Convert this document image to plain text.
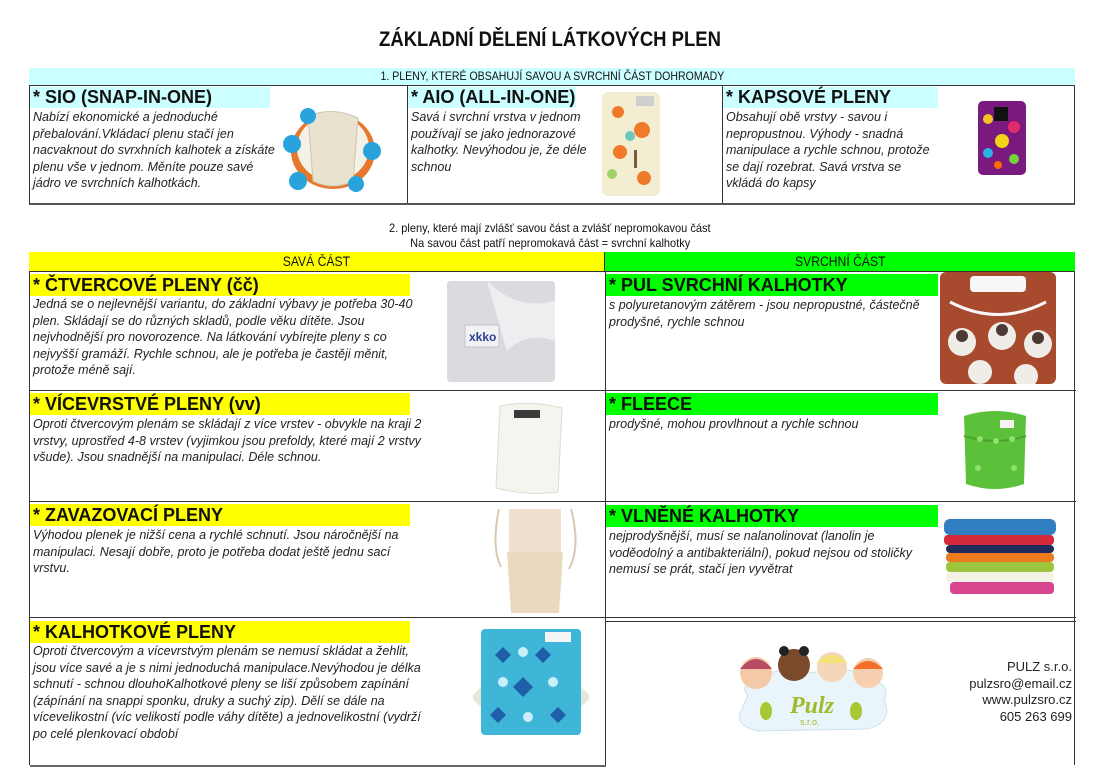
ZÁKLADNÍ DĚLENÍ LÁTKOVÝCH PLEN
1. PLENY, KTERÉ OBSAHUJÍ SAVOU A SVRCHNÍ ČÁST DOHROMADY
* SIO (SNAP-IN-ONE)
Nabízí ekonomické a jednoduché přebalování.Vkládací plenu stačí jen nacvaknout do svrxhních kalhotek a získáte plenu vše v jednom. Měníte pouze savé jádro ve svrchních kalhotkách.
* AIO (ALL-IN-ONE)
Savá i svrchní vrstva v jednom používají se jako jednorazové kalhotky. Nevýhodou je, že déle schnou
* KAPSOVÉ PLENY
Obsahují obě vrstvy - savou i nepropustnou. Výhody - snadná manipulace a rychle schnou, protože se dají rozebrat. Savá vrstva se vkládá do kapsy
2. pleny, které mají zvlášť savou část a zvlášť nepromokavou část
Na savou část patří nepromokavá část = svrchní kalhotky
SAVÁ ČÁST	SVRCHNÍ ČÁST
* ČTVERCOVÉ PLENY (čč)
Jedná se o nejlevnější variantu, do základní výbavy je potřeba 30-40 plen. Skládají se do různých skladů, podle věku dítěte. Jsou nejvhodnější pro novorozence. Na látkování vybírejte pleny s co nejvyšší gramáží. Rychle schnou, ale je potřeba je častěji měnit, protože méně sají.
xkko
* VÍCEVRSTVÉ PLENY (vv)
Oproti čtvercovým plenám se skládají z více vrstev - obvykle na kraji 2 vrstvy, uprostřed 4-8 vrstev (vyjimkou jsou prefoldy, které mají 2 vrstvy všude). Jsou snadnější na manipulaci. Déle schnou.
* ZAVAZOVACÍ PLENY
Výhodou plenek je nižší cena a rychlé schnutí. Jsou náročnější na manipulaci. Nesají dobře, proto je potřeba dodat ještě jednu sací vrstvu.
* KALHOTKOVÉ PLENY
Oproti čtvercovým a vícevrstvým plenám se nemusí skládat a žehlit, jsou více savé a je s nimi jednoduchá manipulace.Nevýhodou je délka schnutí - schnou dlouhoKalhotkové pleny se liší způsobem zapínání (zápínání na snappi sponku, druky a suchý zip). Dělí se dále na vícevelikostní (víc velikostí podle váhy dítěte) a jednovelikostní (vydrží po celé plenkovací období
* PUL SVRCHNÍ KALHOTKY
s polyuretanovým zátěrem - jsou nepropustné, částečně prodyšné, rychle schnou
* FLEECE
prodyšné, mohou provlhnout a rychle schnou
* VLNĚNÉ KALHOTKY
nejprodyšnější, musí se nalanolinovat (lanolin je voděodolný a antibakteriální), pokud nejsou od stoličky nemusí se prát, stačí jen vyvětrat
Pulz
s.r.o.
PULZ s.r.o.
pulzsro@email.cz
www.pulzsro.cz
605 263 699
